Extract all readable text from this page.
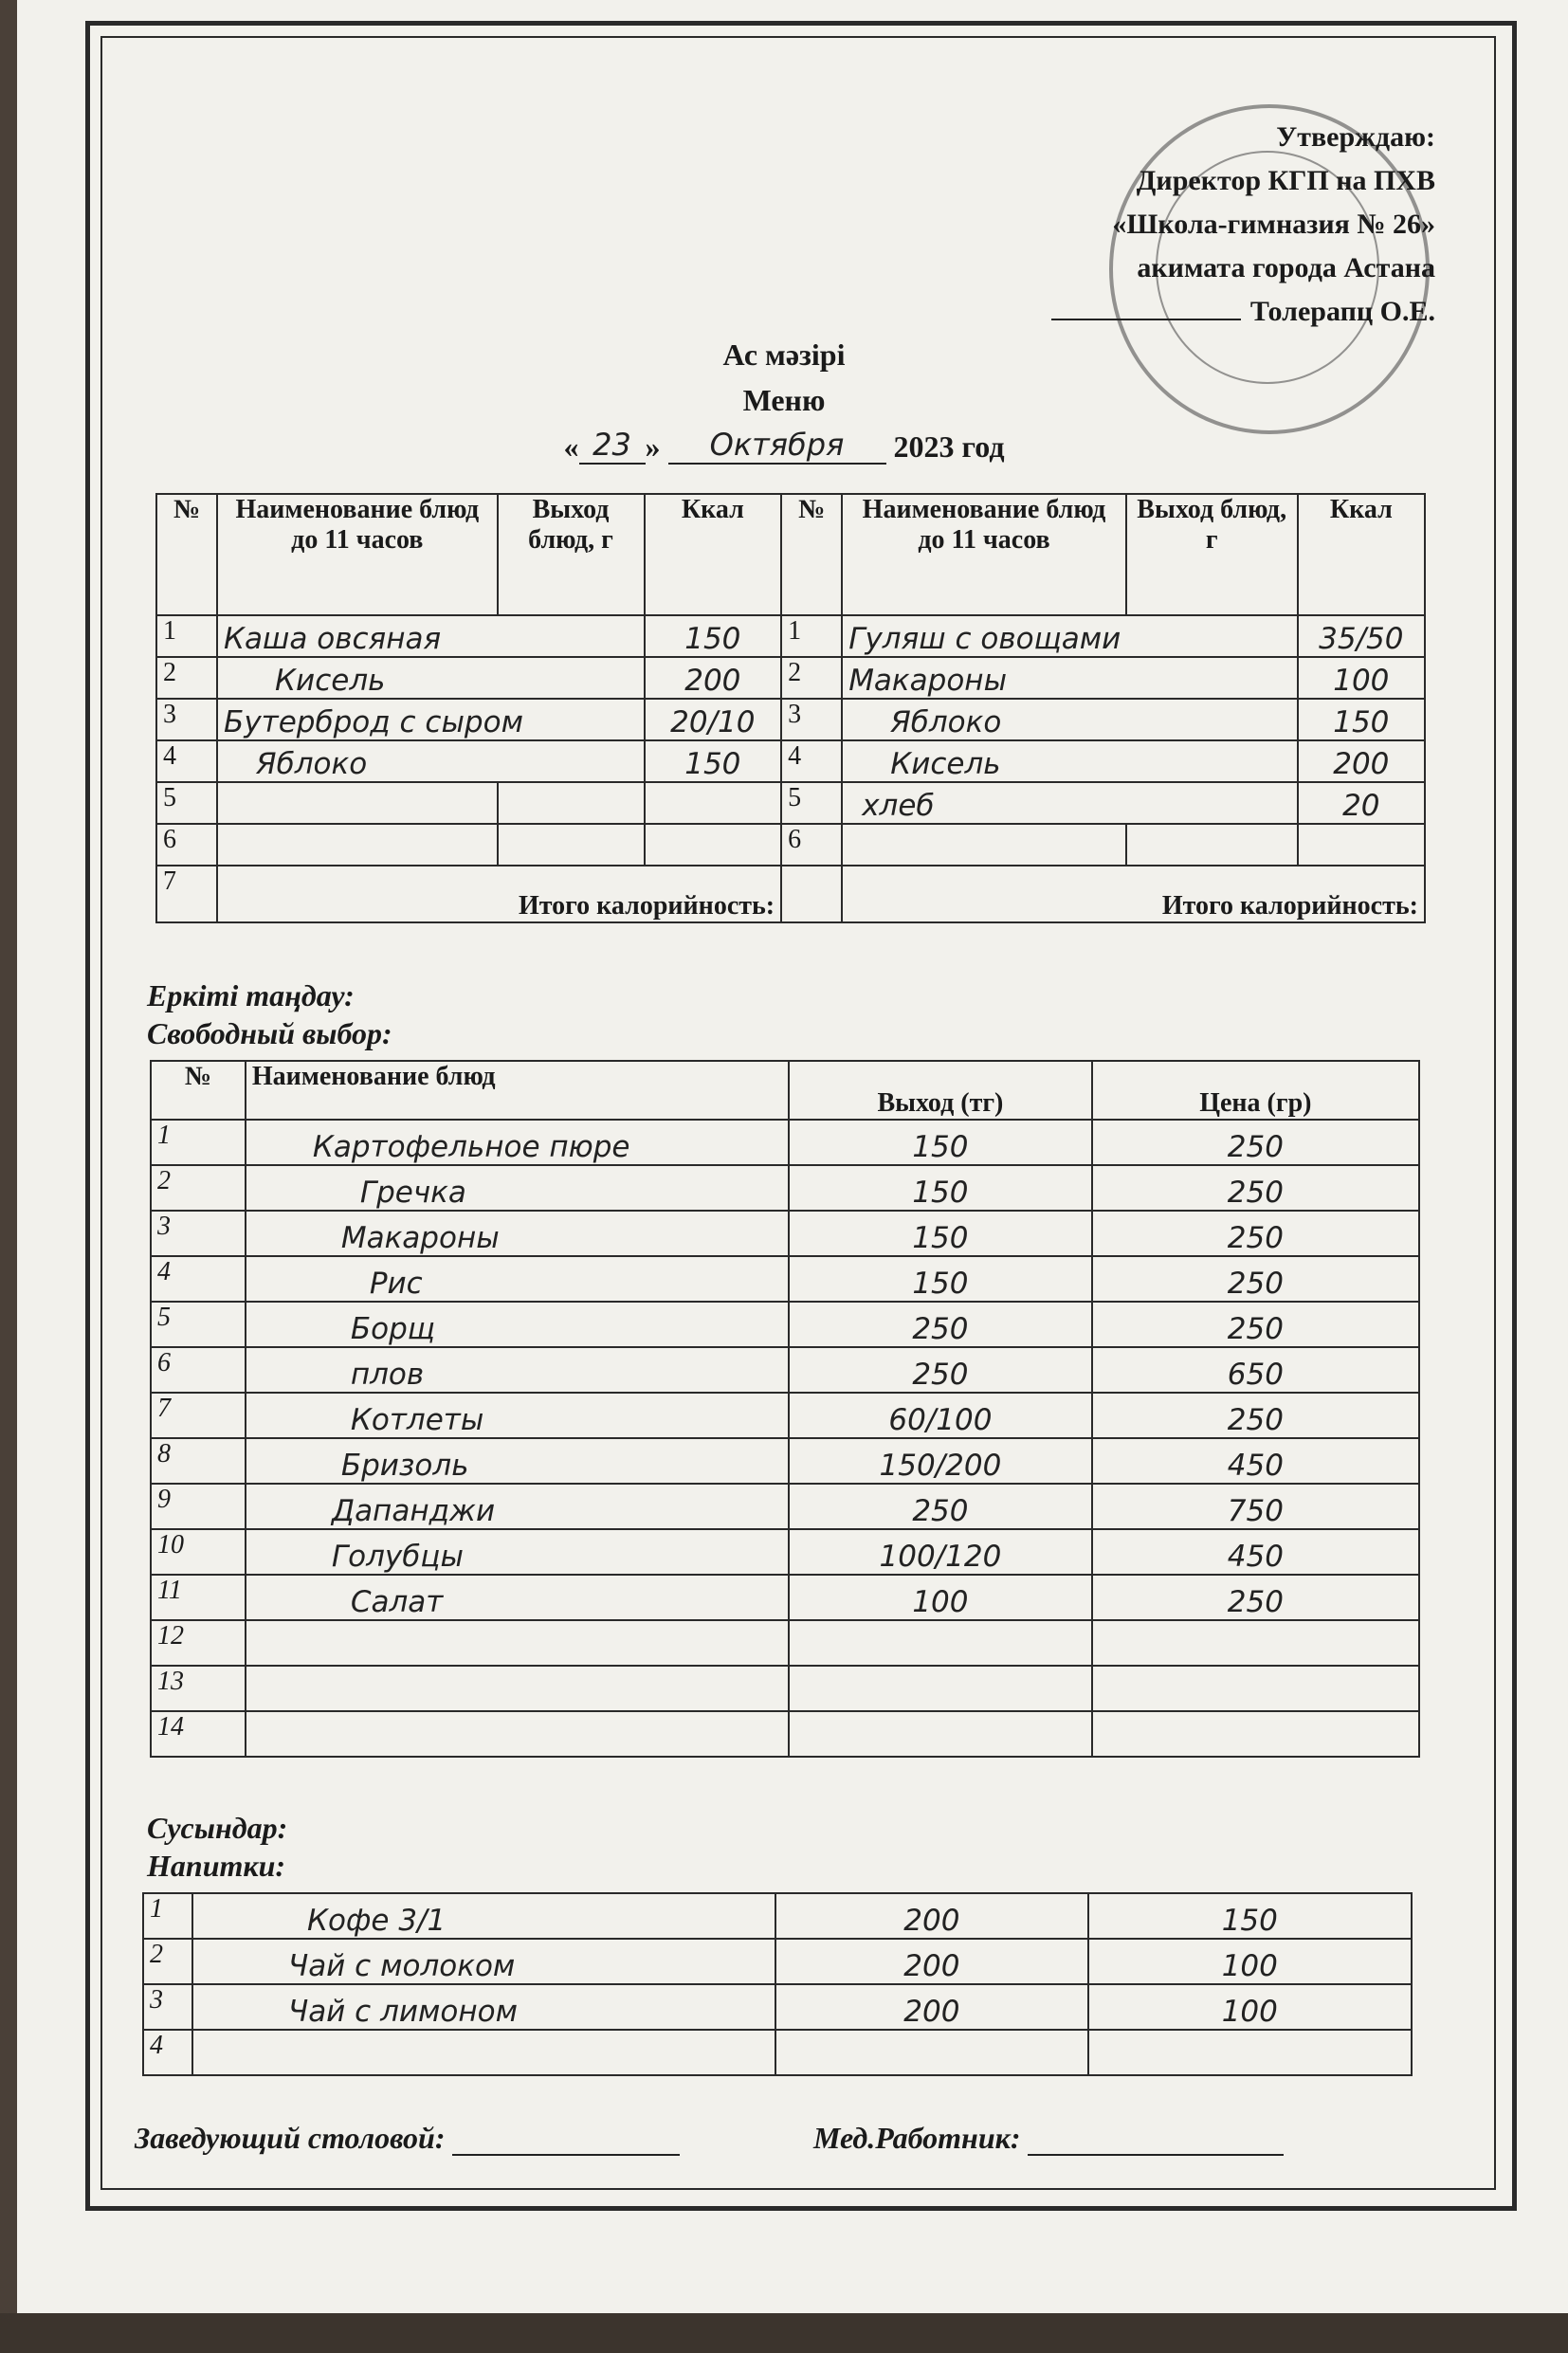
Утверждаю:
Директор КГП на ПХВ
«Школа-гимназия № 26»
акимата города Астана
Толерапц О.Е.
Ас мәзірі
Меню
« 23 » Октября 2023 год
№	Наименование блюд до 11 часов	Выход блюд, г	Ккал	№	Наименование блюд до 11 часов	Выход блюд, г	Ккал
1	Каша овсяная		150	1	Гуляш с овощами		35/50
2	Кисель		200	2	Макароны		100
3	Бутерброд с сыром		20/10	3	Яблоко		150
4	Яблоко		150	4	Кисель		200
5				5	хлеб		20
6				6			
7	Итого калорийность:				Итого калорийность:		
Еркіті таңдау:
Свободный выбор:
№	Наименование блюд	Выход (тг)	Цена (гр)
1	Картофельное пюре	150	250
2	Гречка	150	250
3	Макароны	150	250
4	Рис	150	250
5	Борщ	250	250
6	плов	250	650
7	Котлеты	60/100	250
8	Бризоль	150/200	450
9	Дапанджи	250	750
10	Голубцы	100/120	450
11	Салат	100	250
12			
13			
14			
Сусындар:
Напитки:
1	Кофе 3/1	200	150
2	Чай с молоком	200	100
3	Чай с лимоном	200	100
4			
Заведующий столовой:	Мед.Работник:
